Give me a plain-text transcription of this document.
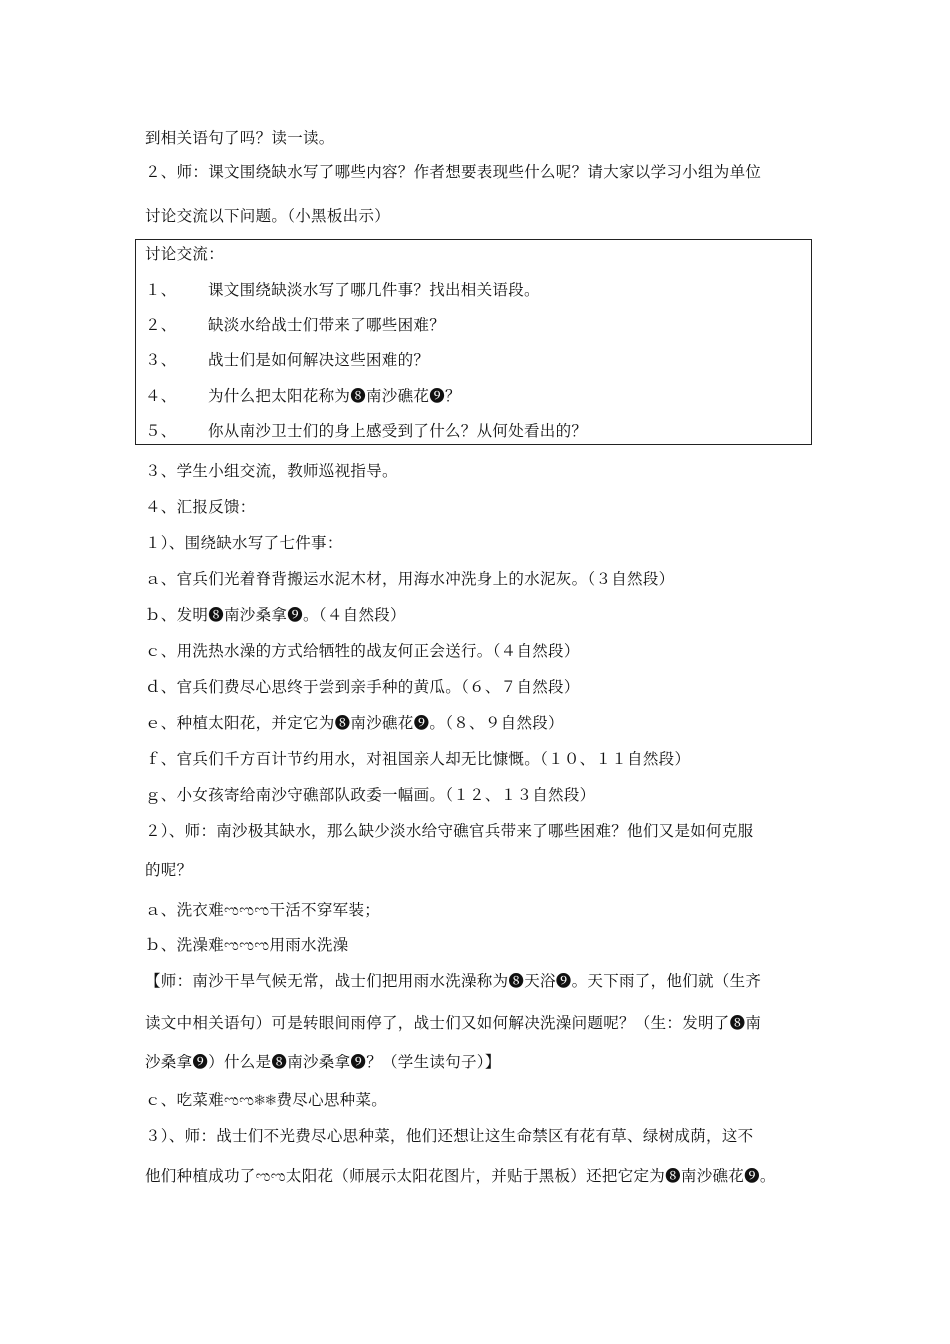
到相关语句了吗？读一读。
２、师：课文围绕缺水写了哪些内容？作者想要表现些什么呢？请大家以学习小组为单位
讨论交流以下问题。（小黑板出示）
讨论交流：
１、 课文围绕缺淡水写了哪几件事？找出相关语段。
２、 缺淡水给战士们带来了哪些困难？
３、 战士们是如何解决这些困难的？
４、 为什么把太阳花称为❽南沙礁花❾？
５、 你从南沙卫士们的身上感受到了什么？从何处看出的？
３、学生小组交流，教师巡视指导。
４、汇报反馈：
１）、围绕缺水写了七件事：
ａ、官兵们光着脊背搬运水泥木材，用海水冲洗身上的水泥灰。（３自然段）
ｂ、发明❽南沙桑拿❾。（４自然段）
ｃ、用洗热水澡的方式给牺牲的战友何正会送行。（４自然段）
ｄ、官兵们费尽心思终于尝到亲手种的黄瓜。（６、７自然段）
ｅ、种植太阳花，并定它为❽南沙礁花❾。（８、９自然段）
ｆ、官兵们千方百计节约用水，对祖国亲人却无比慷慨。（１０、１１自然段）
ｇ、小女孩寄给南沙守礁部队政委一幅画。（１２、１３自然段）
２）、师：南沙极其缺水，那么缺少淡水给守礁官兵带来了哪些困难？他们又是如何克服
的呢？
ａ、洗衣难ಌಌಌ干活不穿军装；
ｂ、洗澡难ಌಌಌ用雨水洗澡
【师：南沙干旱气候无常，战士们把用雨水洗澡称为❽天浴❾。天下雨了，他们就（生齐
读文中相关语句）可是转眼间雨停了，战士们又如何解决洗澡问题呢？（生：发明了❽南
沙桑拿❾）什么是❽南沙桑拿❾？（学生读句子）】
ｃ、吃菜难ಌಌ❅❅费尽心思种菜。
３）、师：战士们不光费尽心思种菜，他们还想让这生命禁区有花有草、绿树成荫，这不
他们种植成功了ಌಌ太阳花（师展示太阳花图片，并贴于黑板）还把它定为❽南沙礁花❾。
